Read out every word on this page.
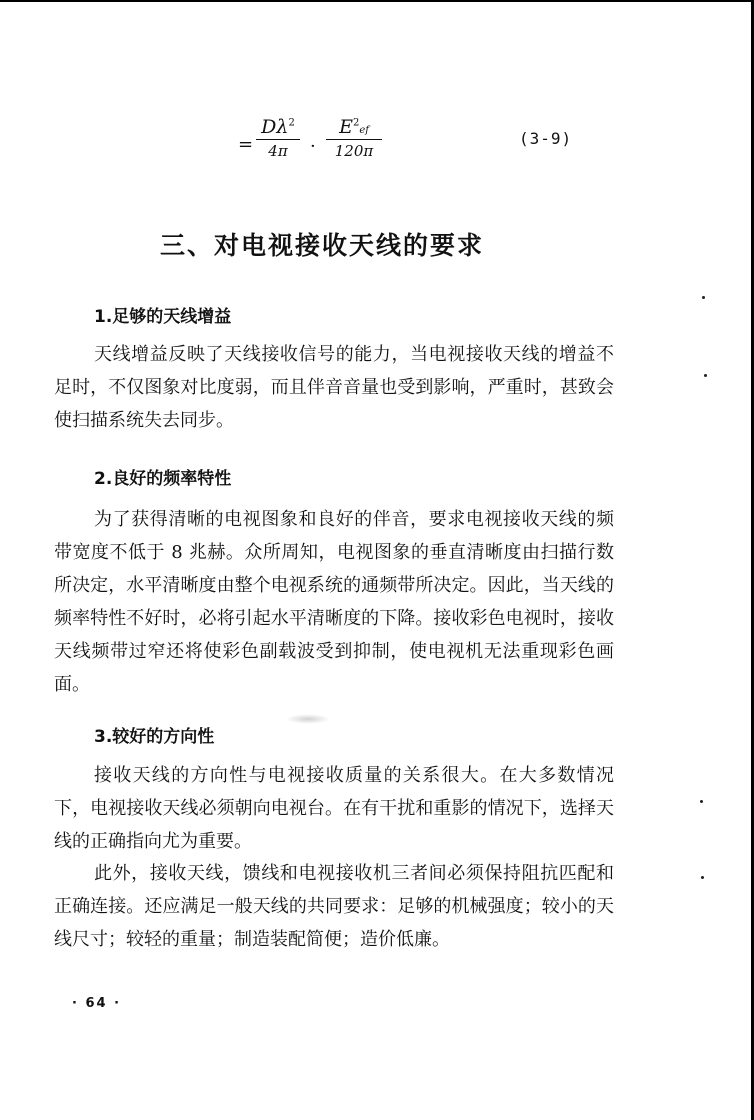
=
$D\lambda^2$
4π	·
$E^2ef$
120π
(3-9)
三、对电视接收天线的要求
1.足够的天线增益

天线增益反映了天线接收信号的能力，当电视接收天线的增益不足时，不仅图象对比度弱，而且伴音音量也受到影响，严重时，甚致会使扫描系统失去同步。

2.良好的频率特性

为了获得清晰的电视图象和良好的伴音，要求电视接收天线的频带宽度不低于 8 兆赫。众所周知，电视图象的垂直清晰度由扫描行数所决定，水平清晰度由整个电视系统的通频带所决定。因此，当天线的频率特性不好时，必将引起水平清晰度的下降。接收彩色电视时，接收天线频带过窄还将使彩色副载波受到抑制，使电视机无法重现彩色画面。

3.较好的方向性

接收天线的方向性与电视接收质量的关系很大。在大多数情况下，电视接收天线必须朝向电视台。在有干扰和重影的情况下，选择天线的正确指向尤为重要。

此外，接收天线，馈线和电视接收机三者间必须保持阻抗匹配和正确连接。还应满足一般天线的共同要求：足够的机械强度；较小的天线尺寸；较轻的重量；制造装配简便；造价低廉。

· 64 ·
